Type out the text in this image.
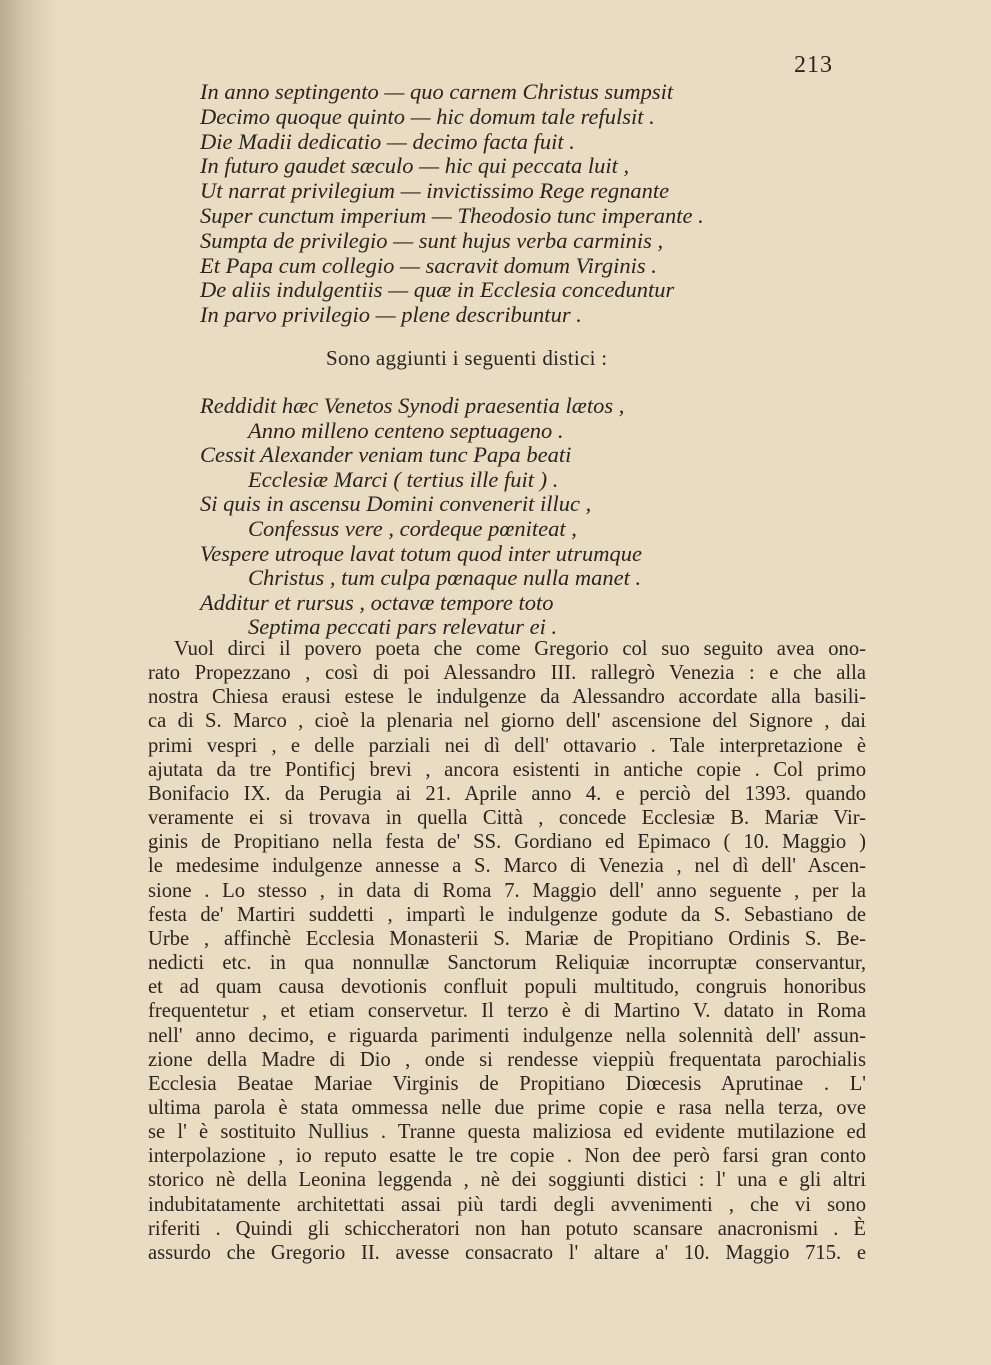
213
In anno septingento — quo carnem Christus sumpsit
Decimo quoque quinto — hic domum tale refulsit .
Die Madii dedicatio — decimo facta fuit .
In futuro gaudet sæculo — hic qui peccata luit ,
Ut narrat privilegium — invictissimo Rege regnante
Super cunctum imperium — Theodosio tunc imperante .
Sumpta de privilegio — sunt hujus verba carminis ,
Et Papa cum collegio — sacravit domum Virginis .
De aliis indulgentiis — quæ in Ecclesia conceduntur
In parvo privilegio — plene describuntur .
Sono aggiunti i seguenti distici :
Reddidit hæc Venetos Synodi praesentia lætos ,
Anno milleno centeno septuageno .
Cessit Alexander veniam tunc Papa beati
Ecclesiæ Marci ( tertius ille fuit ) .
Si quis in ascensu Domini convenerit illuc ,
Confessus vere , cordeque pœniteat ,
Vespere utroque lavat totum quod inter utrumque
Christus , tum culpa pœnaque nulla manet .
Additur et rursus , octavæ tempore toto
Septima peccati pars relevatur ei .
Vuol dirci il povero poeta che come Gregorio col suo seguito avea ono-
rato Propezzano , così di poi Alessandro III. rallegrò Venezia : e che alla
nostra Chiesa erausi estese le indulgenze da Alessandro accordate alla basili-
ca di S. Marco , cioè la plenaria nel giorno dell' ascensione del Signore , dai
primi vespri , e delle parziali nei dì dell' ottavario . Tale interpretazione è
ajutata da tre Pontificj brevi , ancora esistenti in antiche copie . Col primo
Bonifacio IX. da Perugia ai 21. Aprile anno 4. e perciò del 1393. quando
veramente ei si trovava in quella Città , concede Ecclesiæ B. Mariæ Vir-
ginis de Propitiano nella festa de' SS. Gordiano ed Epimaco ( 10. Maggio )
le medesime indulgenze annesse a S. Marco di Venezia , nel dì dell' Ascen-
sione . Lo stesso , in data di Roma 7. Maggio dell' anno seguente , per la
festa de' Martiri suddetti , impartì le indulgenze godute da S. Sebastiano de
Urbe , affinchè Ecclesia Monasterii S. Mariæ de Propitiano Ordinis S. Be-
nedicti etc. in qua nonnullæ Sanctorum Reliquiæ incorruptæ conservantur,
et ad quam causa devotionis confluit populi multitudo, congruis honoribus
frequentetur , et etiam conservetur. Il terzo è di Martino V. datato in Roma
nell' anno decimo, e riguarda parimenti indulgenze nella solennità dell' assun-
zione della Madre di Dio , onde si rendesse vieppiù frequentata parochialis
Ecclesia Beatae Mariae Virginis de Propitiano Diœcesis Aprutinae . L'
ultima parola è stata ommessa nelle due prime copie e rasa nella terza, ove
se l' è sostituito Nullius . Tranne questa maliziosa ed evidente mutilazione ed
interpolazione , io reputo esatte le tre copie . Non dee però farsi gran conto
storico nè della Leonina leggenda , nè dei soggiunti distici : l' una e gli altri
indubitatamente architettati assai più tardi degli avvenimenti , che vi sono
riferiti . Quindi gli schiccheratori non han potuto scansare anacronismi . È
assurdo che Gregorio II. avesse consacrato l' altare a' 10. Maggio 715. e
